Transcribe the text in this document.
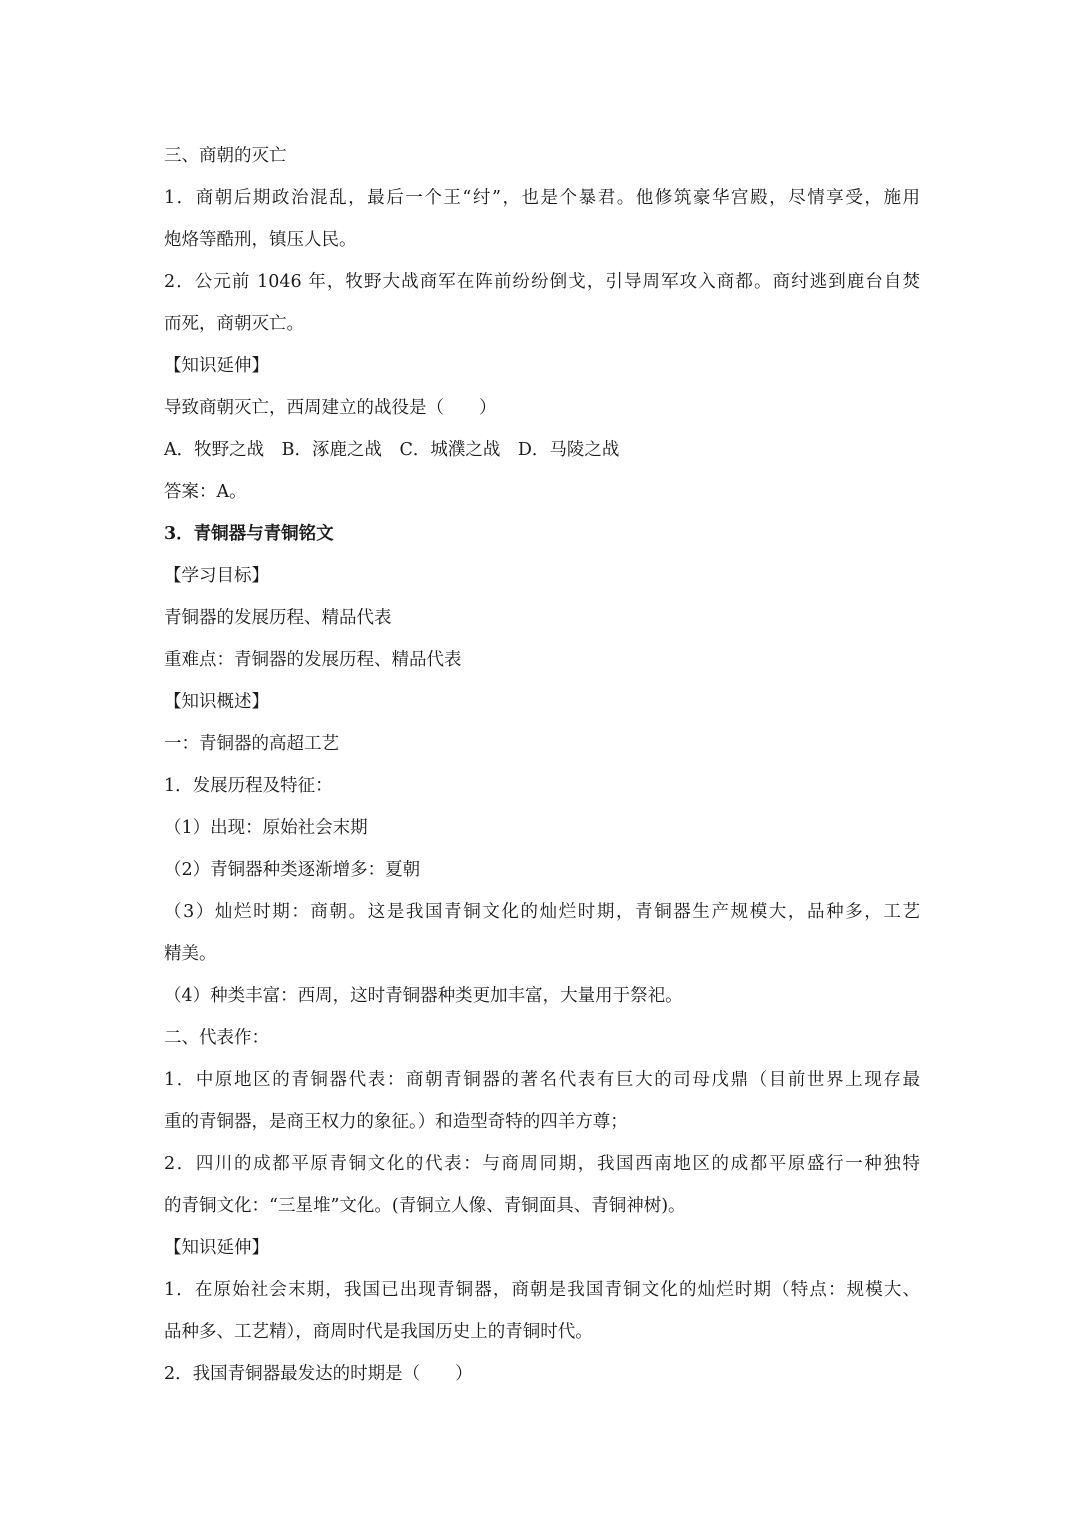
三、商朝的灭亡
1．商朝后期政治混乱，最后一个王“纣”，也是个暴君。他修筑豪华宫殿，尽情享受，施用
炮烙等酷刑，镇压人民。
2．公元前 1046 年，牧野大战商军在阵前纷纷倒戈，引导周军攻入商都。商纣逃到鹿台自焚
而死，商朝灭亡。
【知识延伸】
导致商朝灭亡，西周建立的战役是（　　）
A．牧野之战　B．涿鹿之战　C．城濮之战　D．马陵之战
答案：A。
3．青铜器与青铜铭文
【学习目标】
青铜器的发展历程、精品代表
重难点：青铜器的发展历程、精品代表
【知识概述】
一：青铜器的高超工艺
1．发展历程及特征：
（1）出现：原始社会末期
（2）青铜器种类逐渐增多：夏朝
（3）灿烂时期：商朝。这是我国青铜文化的灿烂时期，青铜器生产规模大，品种多，工艺
精美。
（4）种类丰富：西周，这时青铜器种类更加丰富，大量用于祭祀。
二、代表作：
1．中原地区的青铜器代表：商朝青铜器的著名代表有巨大的司母戊鼎（目前世界上现存最
重的青铜器，是商王权力的象征。）和造型奇特的四羊方尊；
2．四川的成都平原青铜文化的代表：与商周同期，我国西南地区的成都平原盛行一种独特
的青铜文化：“三星堆”文化。(青铜立人像、青铜面具、青铜神树)。
【知识延伸】
1．在原始社会末期，我国已出现青铜器，商朝是我国青铜文化的灿烂时期（特点：规模大、
品种多、工艺精），商周时代是我国历史上的青铜时代。
2．我国青铜器最发达的时期是（　　）
